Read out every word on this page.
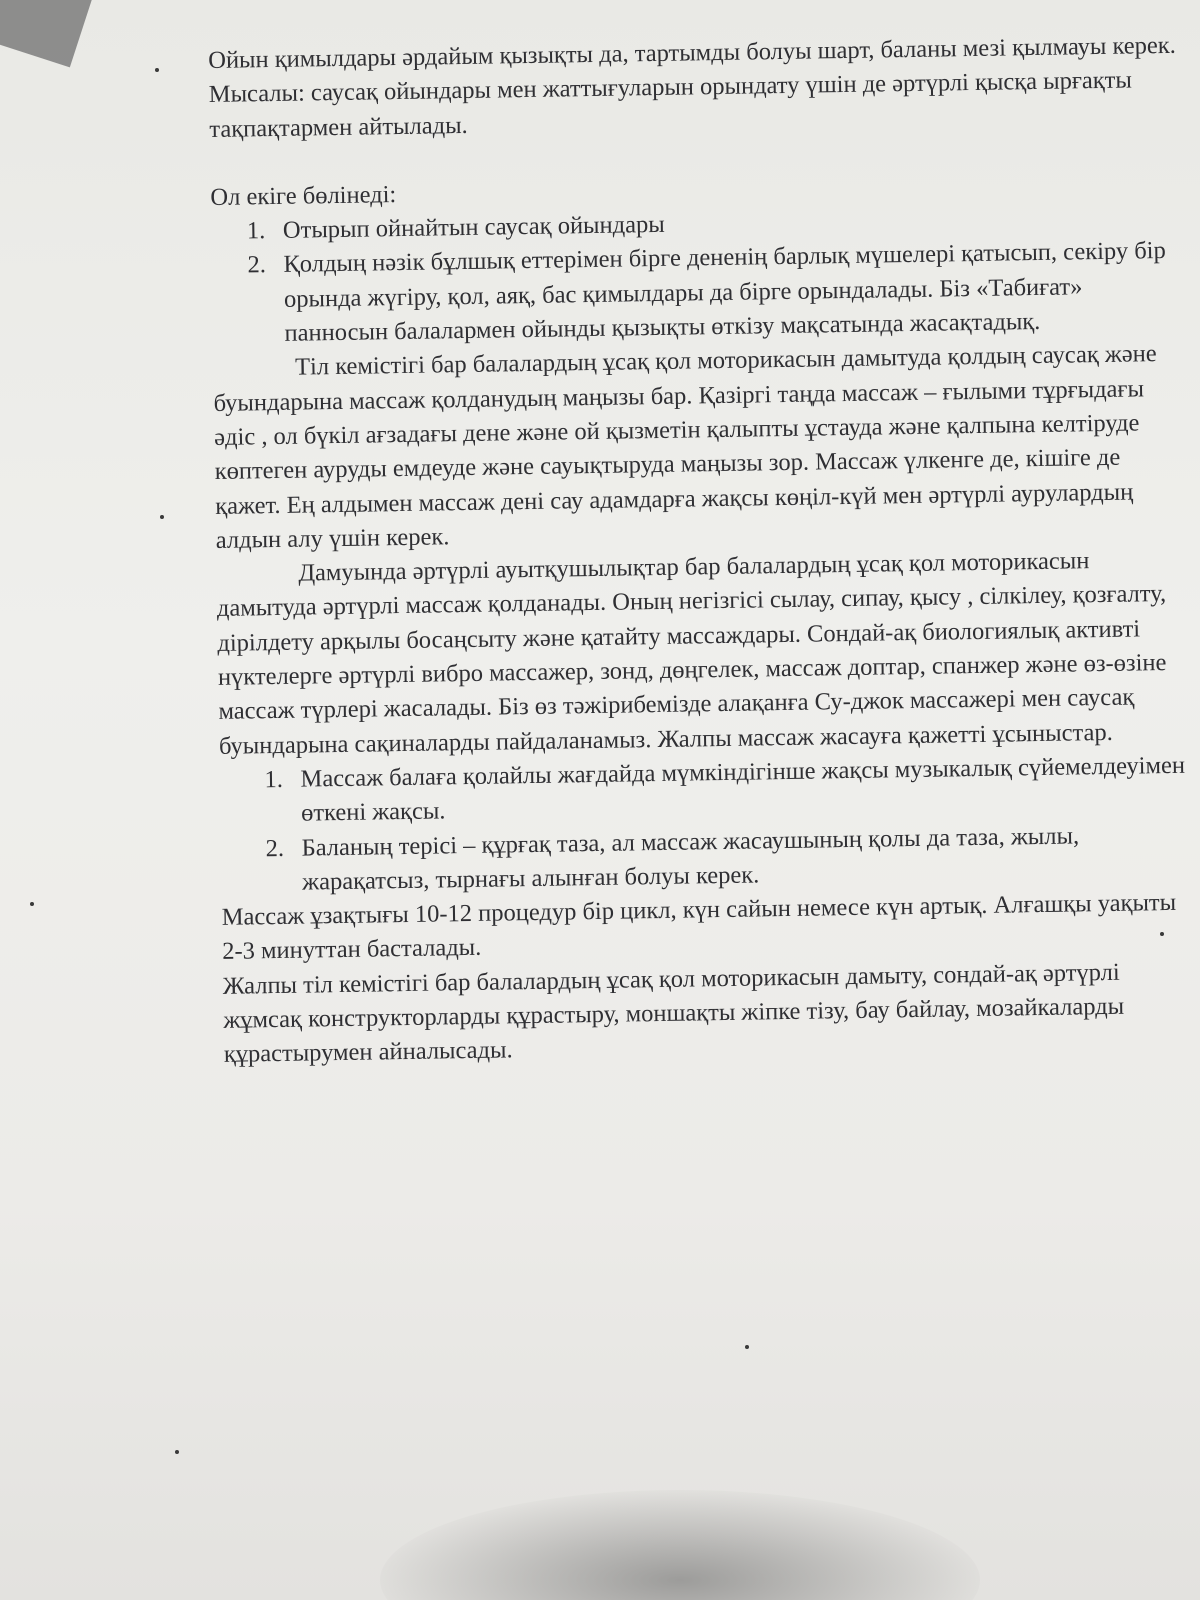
Ойын қимылдары әрдайым қызықты да, тартымды болуы шарт, баланы мезі қылмауы керек. Мысалы: саусақ ойындары мен жаттығуларын орындату үшін де әртүрлі қысқа ырғақты тақпақтармен айтылады.

Ол екіге бөлінеді:

1. Отырып ойнайтын саусақ ойындары
2. Қолдың нәзік бұлшық еттерімен бірге дененің барлық мүшелері қатысып, секіру бір орында жүгіру, қол, аяқ, бас қимылдары да бірге орындалады. Біз «Табиғат» панносын балалармен ойынды қызықты өткізу мақсатында жасақтадық.

Тіл кемістігі бар балалардың ұсақ қол моторикасын дамытуда қолдың саусақ және буындарына массаж қолданудың маңызы бар. Қазіргі таңда массаж – ғылыми тұрғыдағы әдіс , ол бүкіл ағзадағы дене және ой қызметін қалыпты ұстауда және қалпына келтіруде көптеген ауруды емдеуде және сауықтыруда маңызы зор. Массаж үлкенге де, кішіге де қажет. Ең алдымен массаж дені сау адамдарға жақсы көңіл-күй мен әртүрлі аурулардың алдын алу үшін керек.

Дамуында әртүрлі ауытқушылықтар бар балалардың ұсақ қол моторикасын дамытуда әртүрлі массаж қолданады. Оның негізгісі сылау, сипау, қысу , сілкілеу, қозғалту, дірілдету арқылы босаңсыту және қатайту массаждары. Сондай-ақ биологиялық активті нүктелерге әртүрлі вибро массажер, зонд, дөңгелек, массаж доптар, спанжер және өз-өзіне массаж түрлері жасалады. Біз өз тәжірибемізде алақанға Су-джок массажері мен саусақ буындарына сақиналарды пайдаланамыз. Жалпы массаж жасауға қажетті ұсыныстар.

1. Массаж балаға қолайлы жағдайда мүмкіндігінше жақсы музыкалық сүйемелдеуімен өткені жақсы.
2. Баланың терісі – құрғақ таза, ал массаж жасаушының қолы да таза, жылы, жарақатсыз, тырнағы алынған болуы керек.

Массаж ұзақтығы 10-12 процедур бір цикл, күн сайын немесе күн артық. Алғашқы уақыты 2-3 минуттан басталады.

Жалпы тіл кемістігі бар балалардың ұсақ қол моторикасын дамыту, сондай-ақ әртүрлі жұмсақ конструкторларды құрастыру, моншақты жіпке тізу, бау байлау, мозайкаларды құрастырумен айналысады.
